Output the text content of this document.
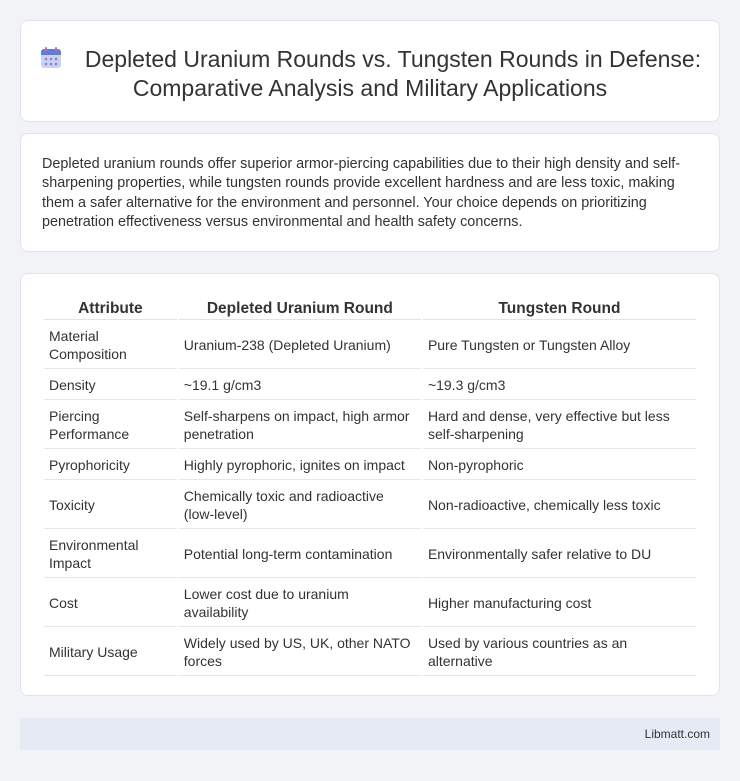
Depleted Uranium Rounds vs. Tungsten Rounds in Defense: Comparative Analysis and Military Applications

Depleted uranium rounds offer superior armor-piercing capabilities due to their high density and self-sharpening properties, while tungsten rounds provide excellent hardness and are less toxic, making them a safer alternative for the environment and personnel. Your choice depends on prioritizing penetration effectiveness versus environmental and health safety concerns.

Attribute	Depleted Uranium Round	Tungsten Round
Material Composition	Uranium-238 (Depleted Uranium)	Pure Tungsten or Tungsten Alloy
Density	~19.1 g/cm3	~19.3 g/cm3
Piercing Performance	Self-sharpens on impact, high armor penetration	Hard and dense, very effective but less self-sharpening
Pyrophoricity	Highly pyrophoric, ignites on impact	Non-pyrophoric
Toxicity	Chemically toxic and radioactive (low-level)	Non-radioactive, chemically less toxic
Environmental Impact	Potential long-term contamination	Environmentally safer relative to DU
Cost	Lower cost due to uranium availability	Higher manufacturing cost
Military Usage	Widely used by US, UK, other NATO forces	Used by various countries as an alternative
Libmatt.com
